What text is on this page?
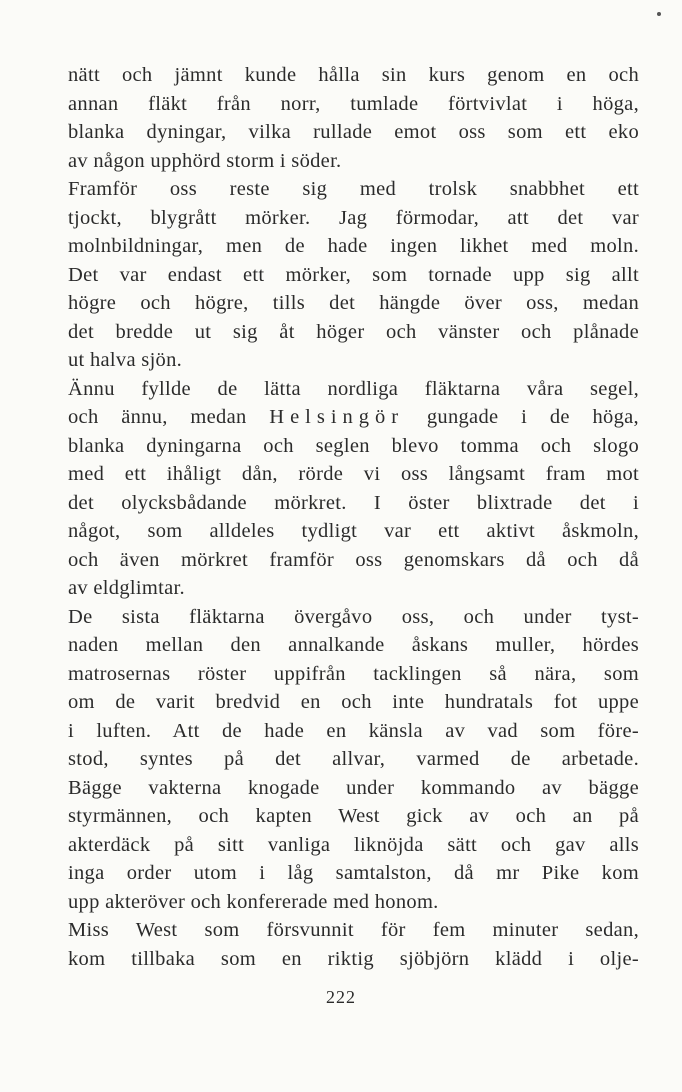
nätt och jämnt kunde hålla sin kurs genom en och
annan fläkt från norr, tumlade förtvivlat i höga,
blanka dyningar, vilka rullade emot oss som ett eko
av någon upphörd storm i söder.
Framför oss reste sig med trolsk snabbhet ett
tjockt, blygrått mörker. Jag förmodar, att det var
molnbildningar, men de hade ingen likhet med moln.
Det var endast ett mörker, som tornade upp sig allt
högre och högre, tills det hängde över oss, medan
det bredde ut sig åt höger och vänster och plånade
ut halva sjön.
Ännu fyllde de lätta nordliga fläktarna våra segel,
och ännu, medan Helsingör gungade i de höga,
blanka dyningarna och seglen blevo tomma och slogo
med ett ihåligt dån, rörde vi oss långsamt fram mot
det olycksbådande mörkret. I öster blixtrade det i
något, som alldeles tydligt var ett aktivt åskmoln,
och även mörkret framför oss genomskars då och då
av eldglimtar.
De sista fläktarna övergåvo oss, och under tyst-
naden mellan den annalkande åskans muller, hördes
matrosernas röster uppifrån tacklingen så nära, som
om de varit bredvid en och inte hundratals fot uppe
i luften. Att de hade en känsla av vad som före-
stod, syntes på det allvar, varmed de arbetade.
Bägge vakterna knogade under kommando av bägge
styrmännen, och kapten West gick av och an på
akterdäck på sitt vanliga liknöjda sätt och gav alls
inga order utom i låg samtalston, då mr Pike kom
upp akteröver och konfererade med honom.
Miss West som försvunnit för fem minuter sedan,
kom tillbaka som en riktig sjöbjörn klädd i olje-
222
